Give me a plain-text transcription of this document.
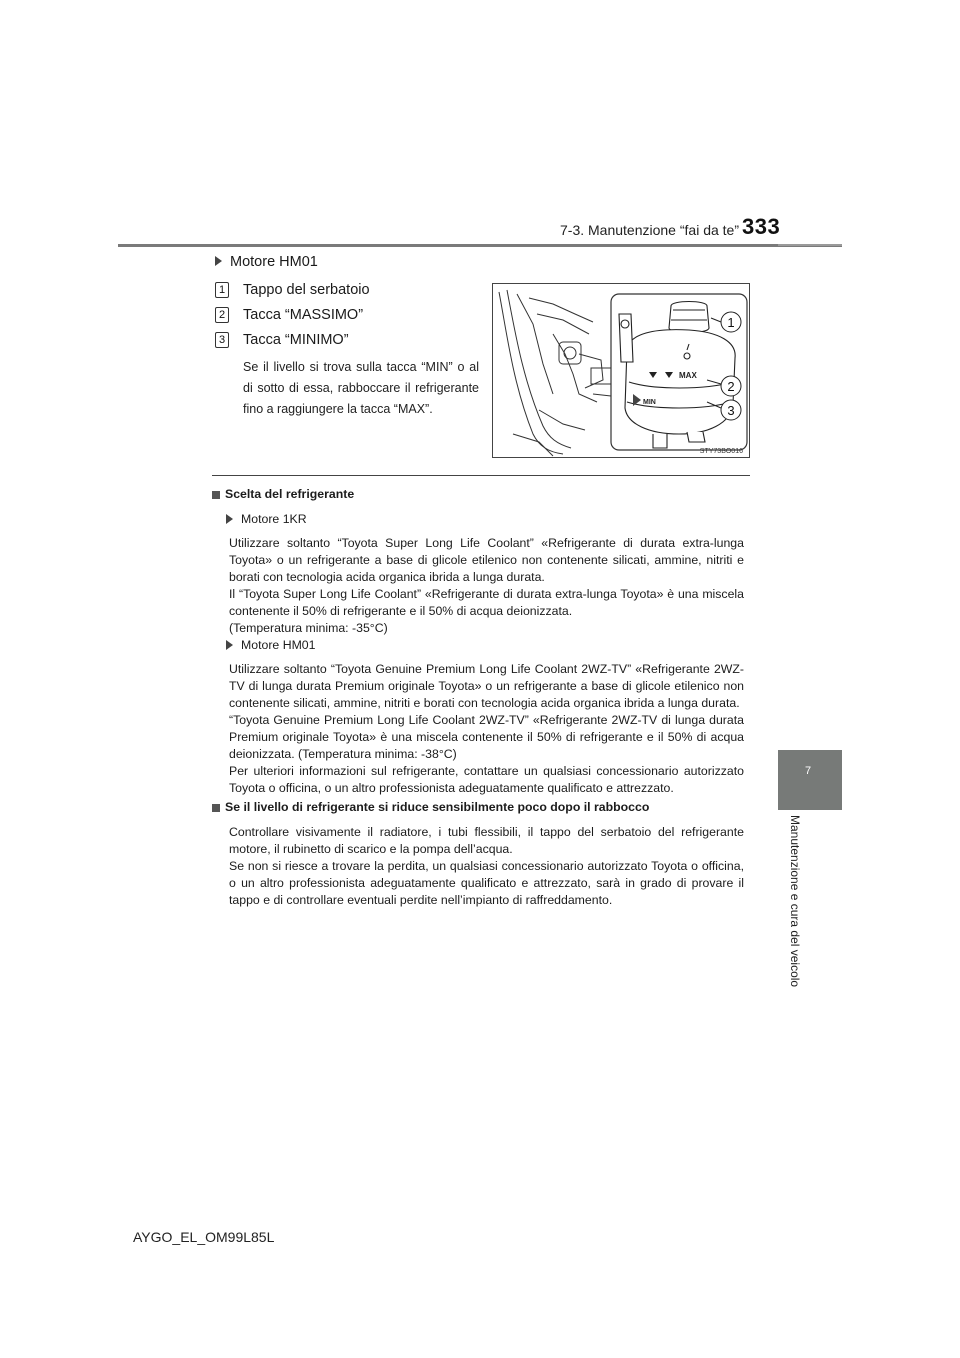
7-3. Manutenzione “fai da te” 333
7
Manutenzione e cura del veicolo
Motore HM01
1 Tappo del serbatoio
2 Tacca “MASSIMO”
3 Tacca “MINIMO”
Se il livello si trova sulla tacca “MIN” o al di sotto di essa, rabboccare il refrigerante fino a raggiungere la tacca “MAX”.
MAX
MIN
1
2
3
STY73BO016
Scelta del refrigerante
Motore 1KR

Utilizzare soltanto “Toyota Super Long Life Coolant” «Refrigerante di durata extra-lunga Toyota» o un refrigerante a base di glicole etilenico non contenente silicati, ammine, nitriti e borati con tecnologia acida organica ibrida a lunga durata.

Il “Toyota Super Long Life Coolant” «Refrigerante di durata extra-lunga Toyota» è una miscela contenente il 50% di refrigerante e il 50% di acqua deionizzata.

(Temperatura minima: -35°C)

Motore HM01

Utilizzare soltanto “Toyota Genuine Premium Long Life Coolant 2WZ-TV” «Refrigerante 2WZ-TV di lunga durata Premium originale Toyota» o un refrigerante a base di glicole etilenico non contenente silicati, ammine, nitriti e borati con tecnologia acida organica ibrida a lunga durata.

“Toyota Genuine Premium Long Life Coolant 2WZ-TV” «Refrigerante 2WZ-TV di lunga durata Premium originale Toyota» è una miscela contenente il 50% di refrigerante e il 50% di acqua deionizzata. (Temperatura minima: -38°C)

Per ulteriori informazioni sul refrigerante, contattare un qualsiasi concessionario autorizzato Toyota o officina, o un altro professionista adeguatamente qualificato e attrezzato.

Se il livello di refrigerante si riduce sensibilmente poco dopo il rabbocco

Controllare visivamente il radiatore, i tubi flessibili, il tappo del serbatoio del refrigerante motore, il rubinetto di scarico e la pompa dell’acqua.

Se non si riesce a trovare la perdita, un qualsiasi concessionario autorizzato Toyota o officina, o un altro professionista adeguatamente qualificato e attrezzato, sarà in grado di provare il tappo e di controllare eventuali perdite nell’impianto di raffreddamento.

AYGO_EL_OM99L85L
